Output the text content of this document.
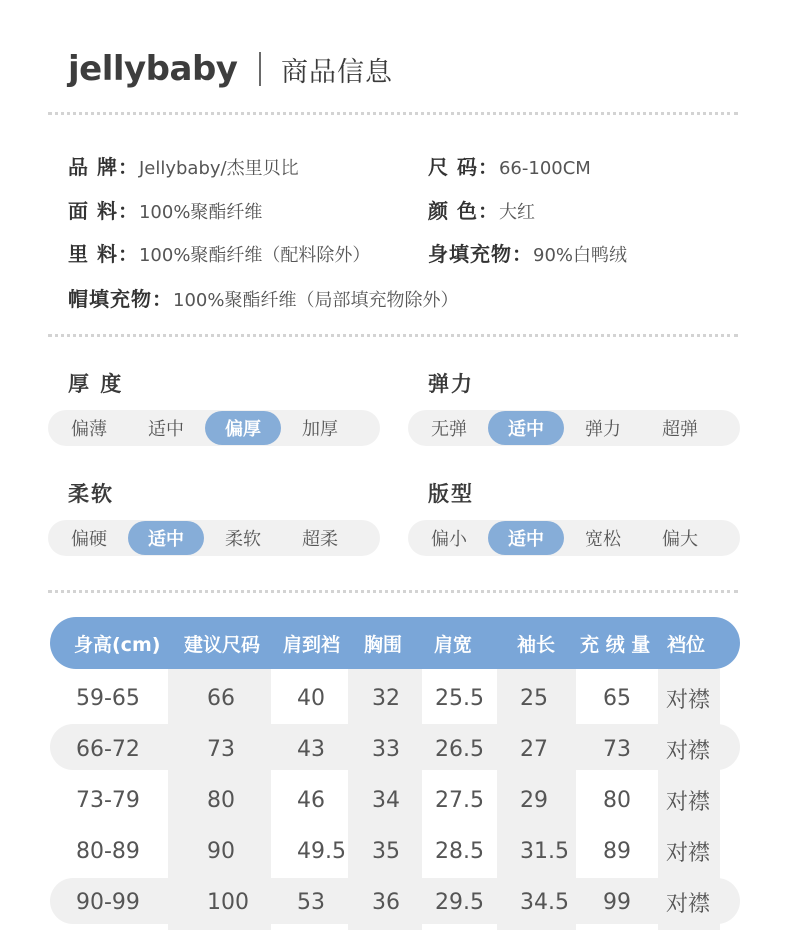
jellybaby 商品信息
品 牌：Jellybaby/杰里贝比	尺 码：66-100CM
面 料：100%聚酯纤维	颜 色：大红
里 料：100%聚酯纤维（配料除外）	身填充物：90%白鸭绒
帽填充物：100%聚酯纤维（局部填充物除外）
厚 度
偏薄	适中	偏厚	加厚
弹力
无弹	适中	弹力	超弹
柔软
偏硬	适中	柔软	超柔
版型
偏小	适中	宽松	偏大
身高(cm) 建议尺码 肩到裆 胸围 肩宽 袖长 充 绒 量 裆位
59-65	66	40 32 25.5 25	65 对襟
66-72	73	43 33 26.5 27	73 对襟
73-79	80	46 34 27.5 29	80 对襟
80-89	90	49.5 35 28.5 31.5 89 对襟
90-99	100 53 36 29.5 34.5 99 对襟
